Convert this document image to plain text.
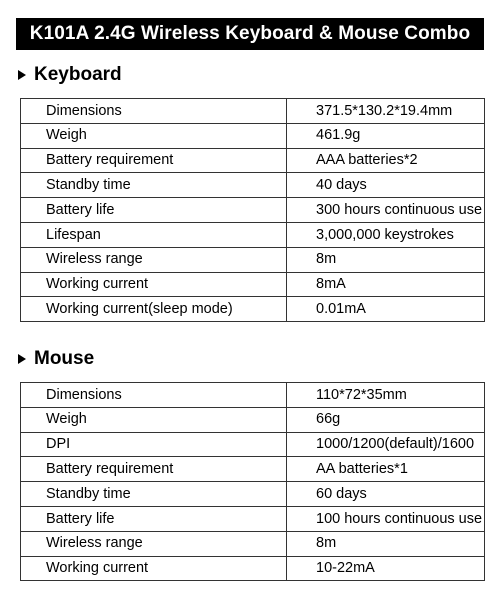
K101A 2.4G Wireless Keyboard & Mouse Combo
Keyboard
Dimensions	371.5*130.2*19.4mm
Weigh	461.9g
Battery requirement	AAA batteries*2
Standby time	40 days
Battery life	300 hours continuous use
Lifespan	3,000,000 keystrokes
Wireless range	8m
Working current	8mA
Working current(sleep mode)	0.01mA
Mouse
Dimensions	110*72*35mm
Weigh	66g
DPI	1000/1200(default)/1600
Battery requirement	AA batteries*1
Standby time	60 days
Battery life	100 hours continuous use
Wireless range	8m
Working current	10-22mA
